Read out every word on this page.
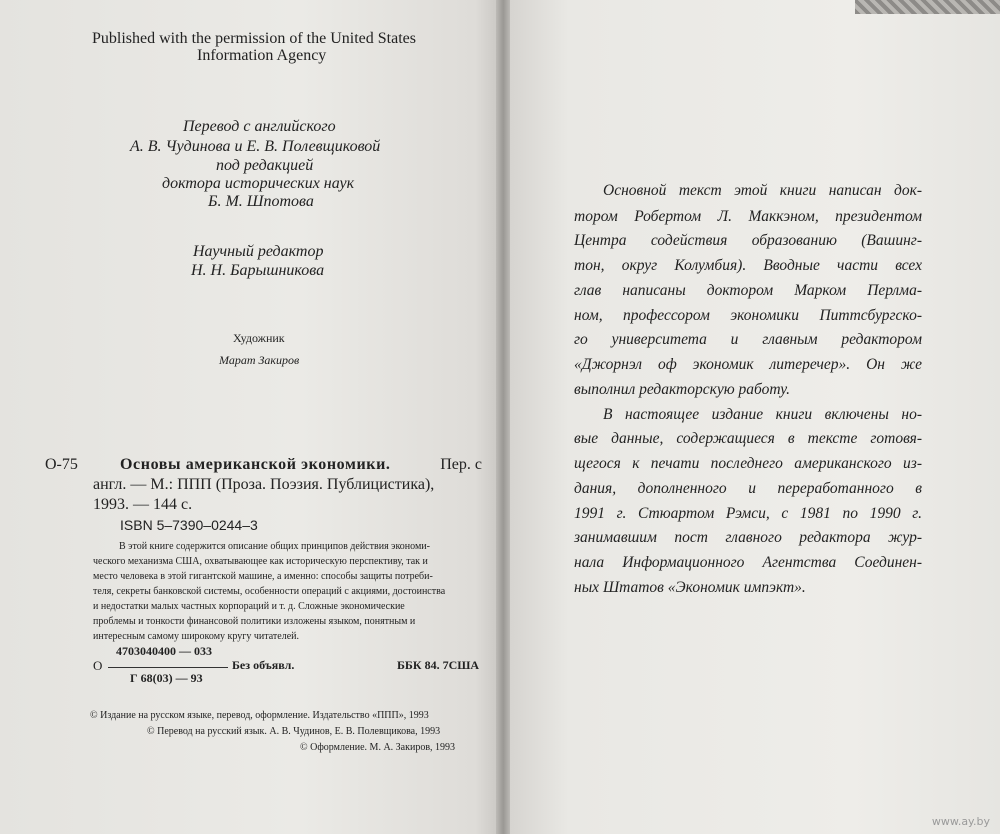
Published with the permission of the United States
Information Agency
Перевод с английского
А. В. Чудинова и Е. В. Полевщиковой
под редакцией
доктора исторических наук
Б. М. Шпотова
Научный редактор
Н. Н. Барышникова
Художник
Марат Закиров
О-75	Основы американской экономики.	Пер. с
англ. — М.: ППП (Проза. Поэзия. Публицистика),
1993. — 144 с.
ISBN 5–7390–0244–3
В этой книге содержится описание общих принципов действия экономи-
ческого механизма США, охватывающее как историческую перспективу, так и
место человека в этой гигантской машине, а именно: способы защиты потреби-
теля, секреты банковской системы, особенности операций с акциями, достоинства
и недостатки малых частных корпораций и т. д. Сложные экономические
проблемы и тонкости финансовой политики изложены языком, понятным и
интересным самому широкому кругу читателей.
4703040400 — 033
О
Г 68(03) — 93
Без объявл.	ББК 84. 7США
© Издание на русском языке, перевод, оформление. Издательство «ППП», 1993
© Перевод на русский язык. А. В. Чудинов, Е. В. Полевщикова, 1993
© Оформление. М. А. Закиров, 1993
Основной текст этой книги написан док-
тором Робертом Л. Маккэном, президентом
Центра содействия образованию (Вашинг-
тон, округ Колумбия). Вводные части всех
глав написаны доктором Марком Перлма-
ном, профессором экономики Питтсбургско-
го университета и главным редактором
«Джорнэл оф экономик литеречер». Он же
выполнил редакторскую работу.
В настоящее издание книги включены но-
вые данные, содержащиеся в тексте готовя-
щегося к печати последнего американского из-
дания, дополненного и переработанного в
1991 г. Стюартом Рэмси, с 1981 по 1990 г.
занимавшим пост главного редактора жур-
нала Информационного Агентства Соединен-
ных Штатов «Экономик импэкт».
www.ay.by
